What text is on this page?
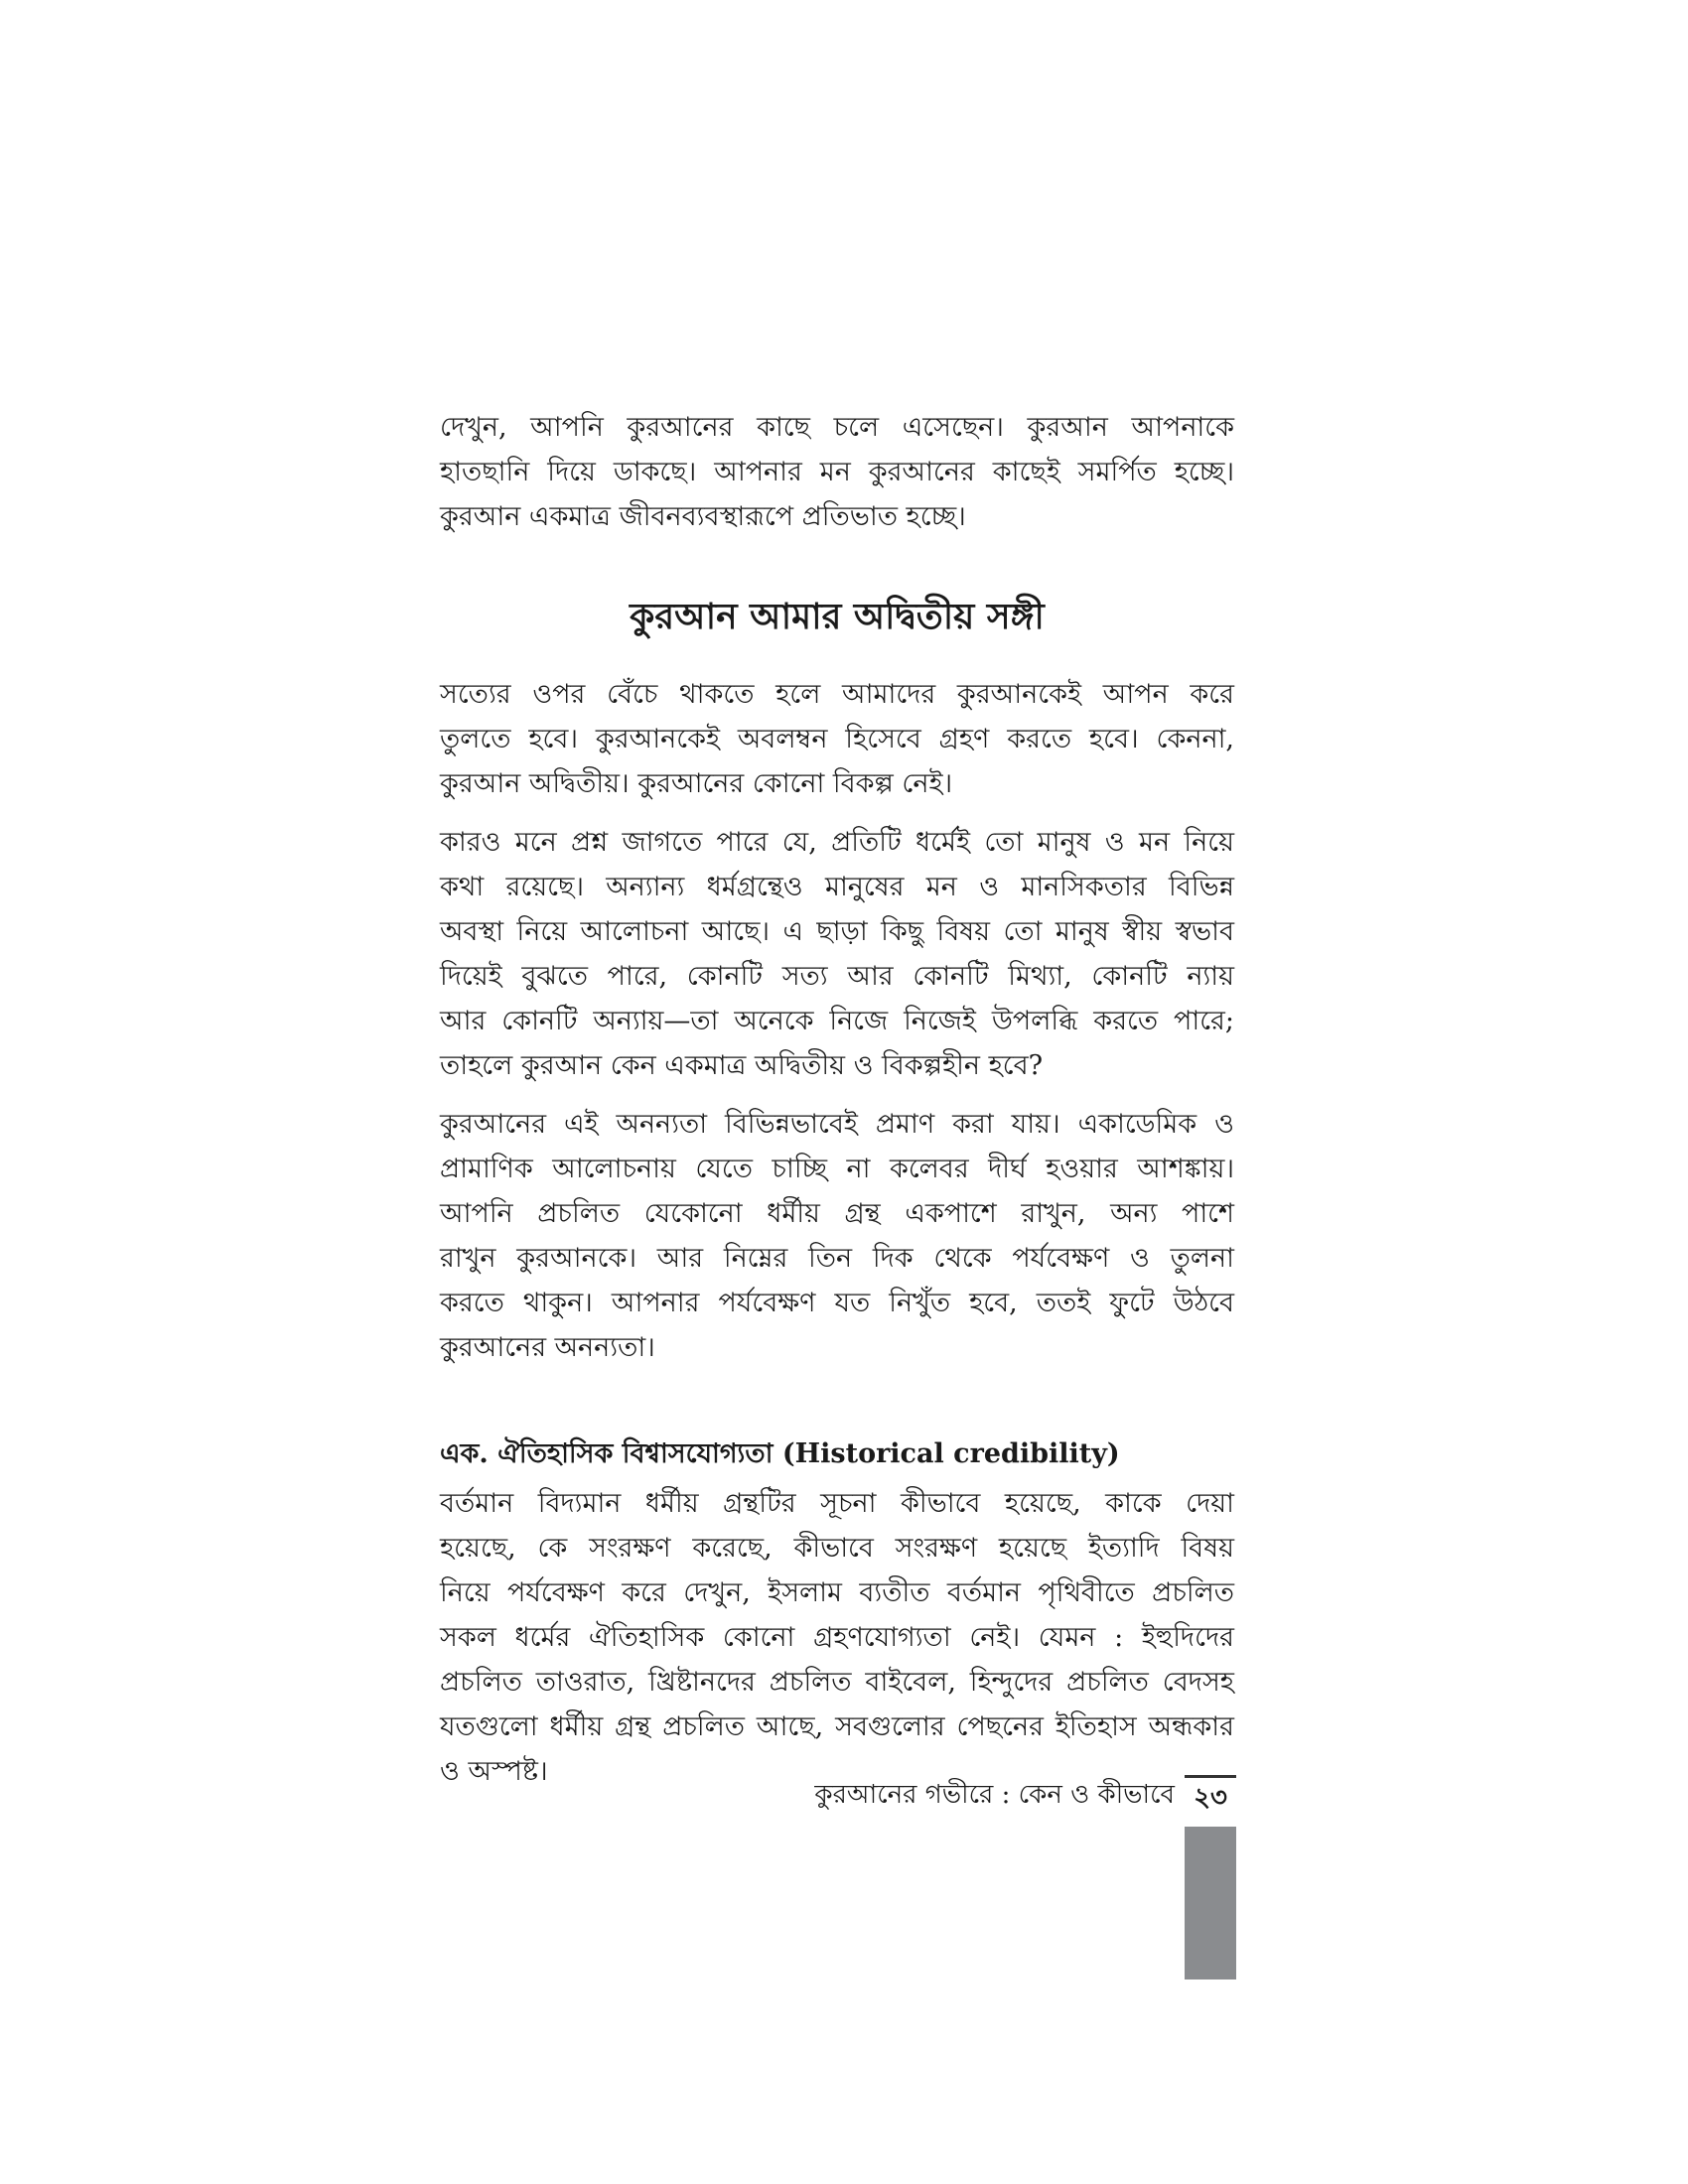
দেখুন, আপনি কুরআনের কাছে চলে এসেছেন। কুরআন আপনাকে
হাতছানি দিয়ে ডাকছে। আপনার মন কুরআনের কাছেই সমর্পিত হচ্ছে।
কুরআন একমাত্র জীবনব্যবস্থারূপে প্রতিভাত হচ্ছে।
কুরআন আমার অদ্বিতীয় সঙ্গী
সত্যের ওপর বেঁচে থাকতে হলে আমাদের কুরআনকেই আপন করে
তুলতে হবে। কুরআনকেই অবলম্বন হিসেবে গ্রহণ করতে হবে। কেননা,
কুরআন অদ্বিতীয়। কুরআনের কোনো বিকল্প নেই।
কারও মনে প্রশ্ন জাগতে পারে যে, প্রতিটি ধর্মেই তো মানুষ ও মন নিয়ে
কথা রয়েছে। অন্যান্য ধর্মগ্রন্থেও মানুষের মন ও মানসিকতার বিভিন্ন
অবস্থা নিয়ে আলোচনা আছে। এ ছাড়া কিছু বিষয় তো মানুষ স্বীয় স্বভাব
দিয়েই বুঝতে পারে, কোনটি সত্য আর কোনটি মিথ্যা, কোনটি ন্যায়
আর কোনটি অন্যায়—তা অনেকে নিজে নিজেই উপলব্ধি করতে পারে;
তাহলে কুরআন কেন একমাত্র অদ্বিতীয় ও বিকল্পহীন হবে?
কুরআনের এই অনন্যতা বিভিন্নভাবেই প্রমাণ করা যায়। একাডেমিক ও
প্রামাণিক আলোচনায় যেতে চাচ্ছি না কলেবর দীর্ঘ হওয়ার আশঙ্কায়।
আপনি প্রচলিত যেকোনো ধর্মীয় গ্রন্থ একপাশে রাখুন, অন্য পাশে
রাখুন কুরআনকে। আর নিম্নের তিন দিক থেকে পর্যবেক্ষণ ও তুলনা
করতে থাকুন। আপনার পর্যবেক্ষণ যত নিখুঁত হবে, ততই ফুটে উঠবে
কুরআনের অনন্যতা।
এক. ঐতিহাসিক বিশ্বাসযোগ্যতা (Historical credibility)
বর্তমান বিদ্যমান ধর্মীয় গ্রন্থটির সূচনা কীভাবে হয়েছে, কাকে দেয়া
হয়েছে, কে সংরক্ষণ করেছে, কীভাবে সংরক্ষণ হয়েছে ইত্যাদি বিষয়
নিয়ে পর্যবেক্ষণ করে দেখুন, ইসলাম ব্যতীত বর্তমান পৃথিবীতে প্রচলিত
সকল ধর্মের ঐতিহাসিক কোনো গ্রহণযোগ্যতা নেই। যেমন : ইহুদিদের
প্রচলিত তাওরাত, খ্রিষ্টানদের প্রচলিত বাইবেল, হিন্দুদের প্রচলিত বেদসহ
যতগুলো ধর্মীয় গ্রন্থ প্রচলিত আছে, সবগুলোর পেছনের ইতিহাস অন্ধকার
ও অস্পষ্ট।
কুরআনের গভীরে : কেন ও কীভাবে ২৩
